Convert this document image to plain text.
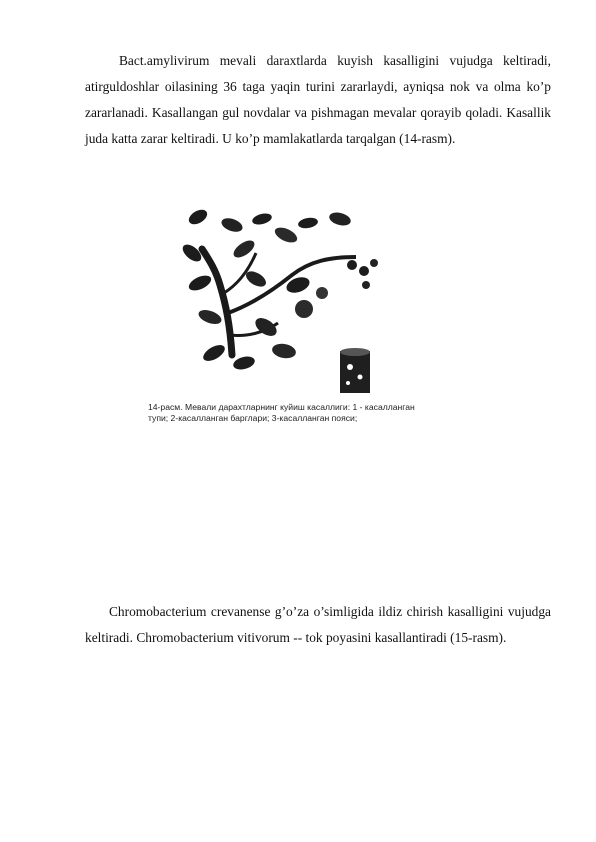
Bact.amylivirum mevali daraxtlarda kuyish kasalligini vujudga keltiradi, atirguldoshlar oilasining 36 taga yaqin turini zararlaydi, ayniqsa nok va olma ko’p zararlanadi. Kasallangan gul novdalar va pishmagan mevalar qorayib qoladi. Kasallik juda katta zarar keltiradi. U ko’p mamlakatlarda tarqalgan (14-rasm).

14-расм. Мевали дарахтларнинг куйиш касаллиги: 1 - касалланган тупи; 2-касалланган барглари; 3-касалланган пояси;

Chromobacterium crevanense g’o’za o’simligida ildiz chirish kasalligini vujudga keltiradi. Chromobacterium vitivorum -- tok poyasini kasallantiradi (15-rasm).
